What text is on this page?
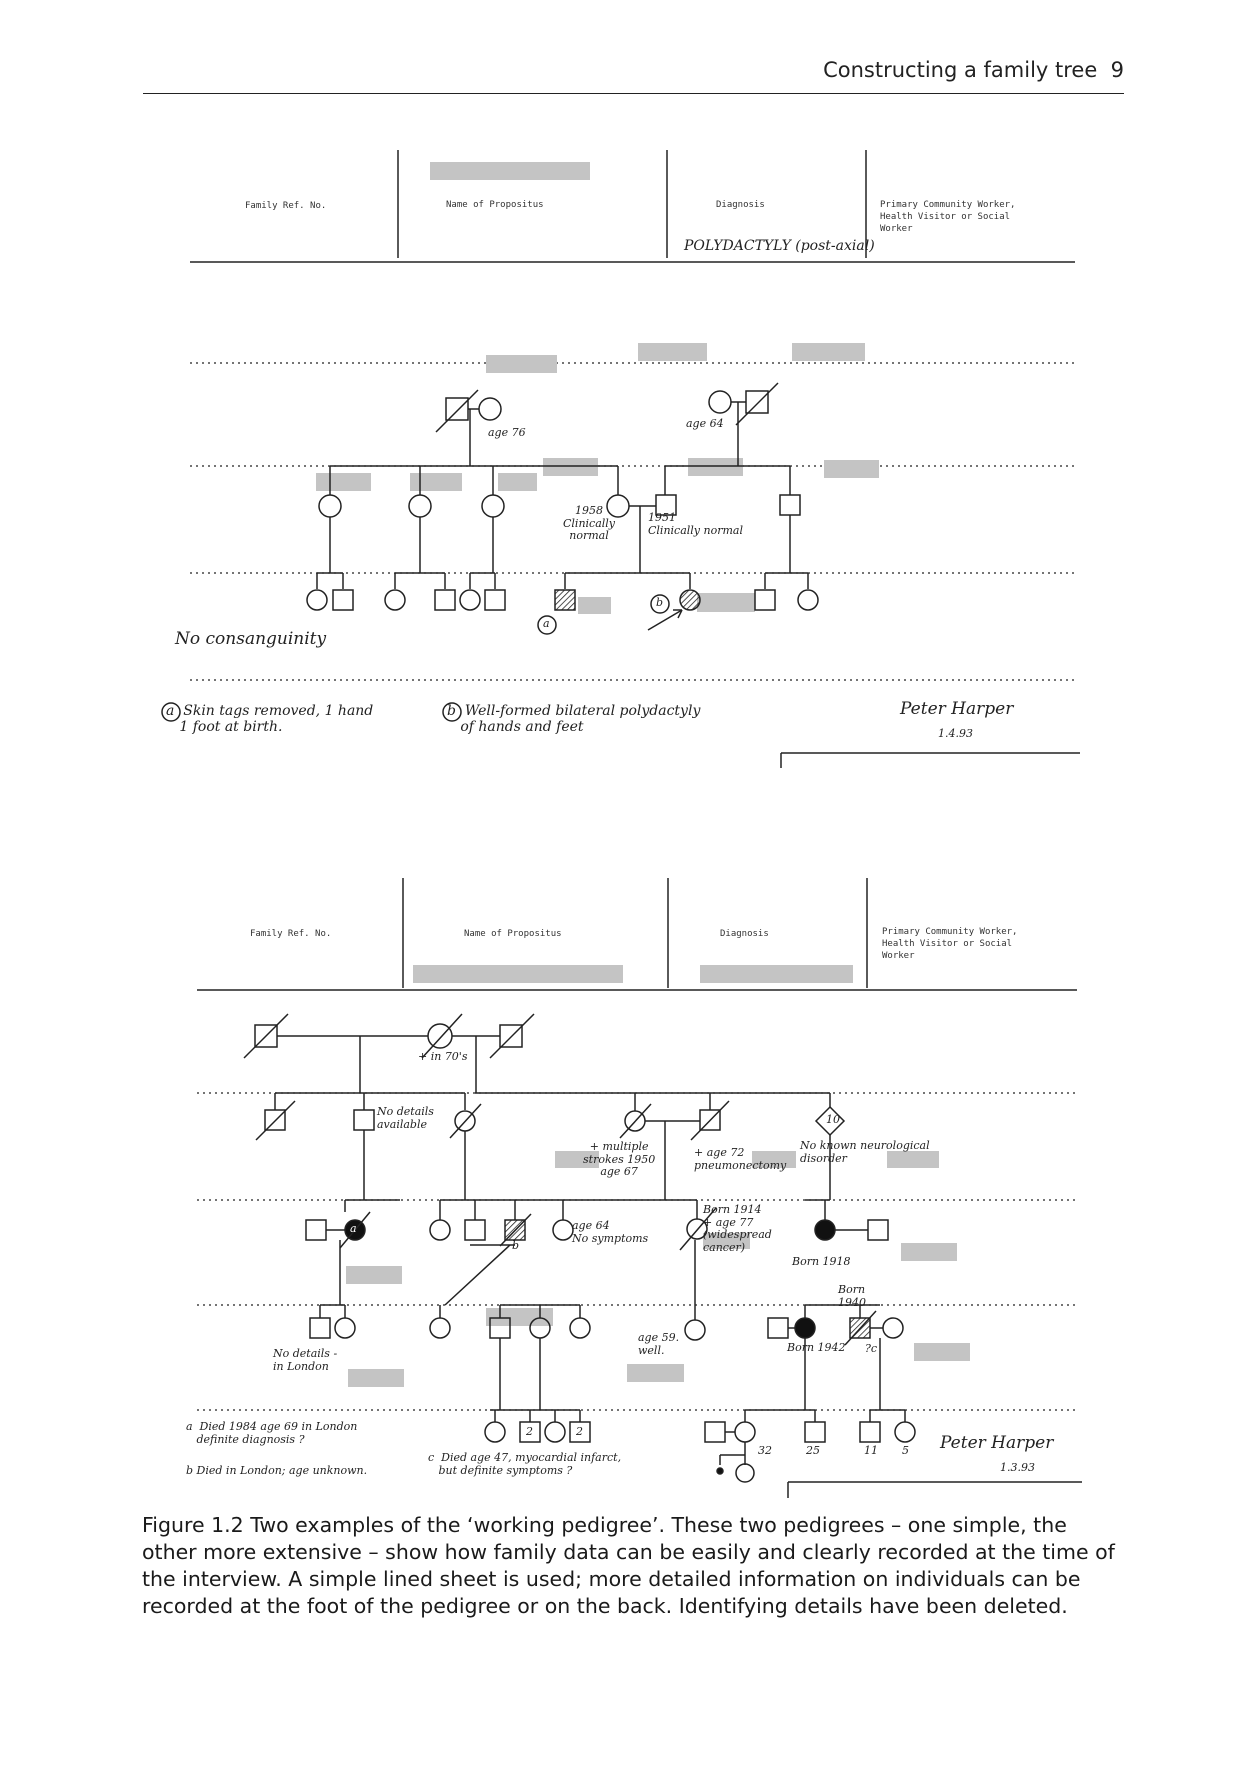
Constructing a family tree 9
Family Ref. No.	Name of Propositus	Diagnosis	Primary Community Worker,
Health Visitor or Social
Worker
POLYDACTYLY (post-axial)
age 76
age 64
1958
Clinically
normal
1951
Clinically normal
a
b
No consanguinity
a  Skin tags removed, 1 hand
1 foot at birth.
b  Well-formed bilateral polydactyly
of hands and feet
Peter Harper
1.4.93
Family Ref. No.	Name of Propositus	Diagnosis	Primary Community Worker,
Health Visitor or Social
Worker
+ in 70's
No details
available
+ multiple
strokes 1950
age 67
+ age 72
pneumonectomy
10
No known neurological
disorder
a
b
age 64
No symptoms
Born 1914
+ age 77
(widespread
cancer)
Born 1918
Born
1940
Born 1942 ?c
age 59.
well.
No details -
in London
2	2
32	25	11 5
a  Died 1984 age 69 in London
definite diagnosis ?
b Died in London; age unknown.
c  Died age 47, myocardial infarct,
but definite symptoms ?
Peter Harper
1.3.93
Figure 1.2 Two examples of the ‘working pedigree’. These two pedigrees – one simple, the other more extensive – show how family data can be easily and clearly recorded at the time of the interview. A simple lined sheet is used; more detailed information on individuals can be recorded at the foot of the pedigree or on the back. Identifying details have been deleted.
